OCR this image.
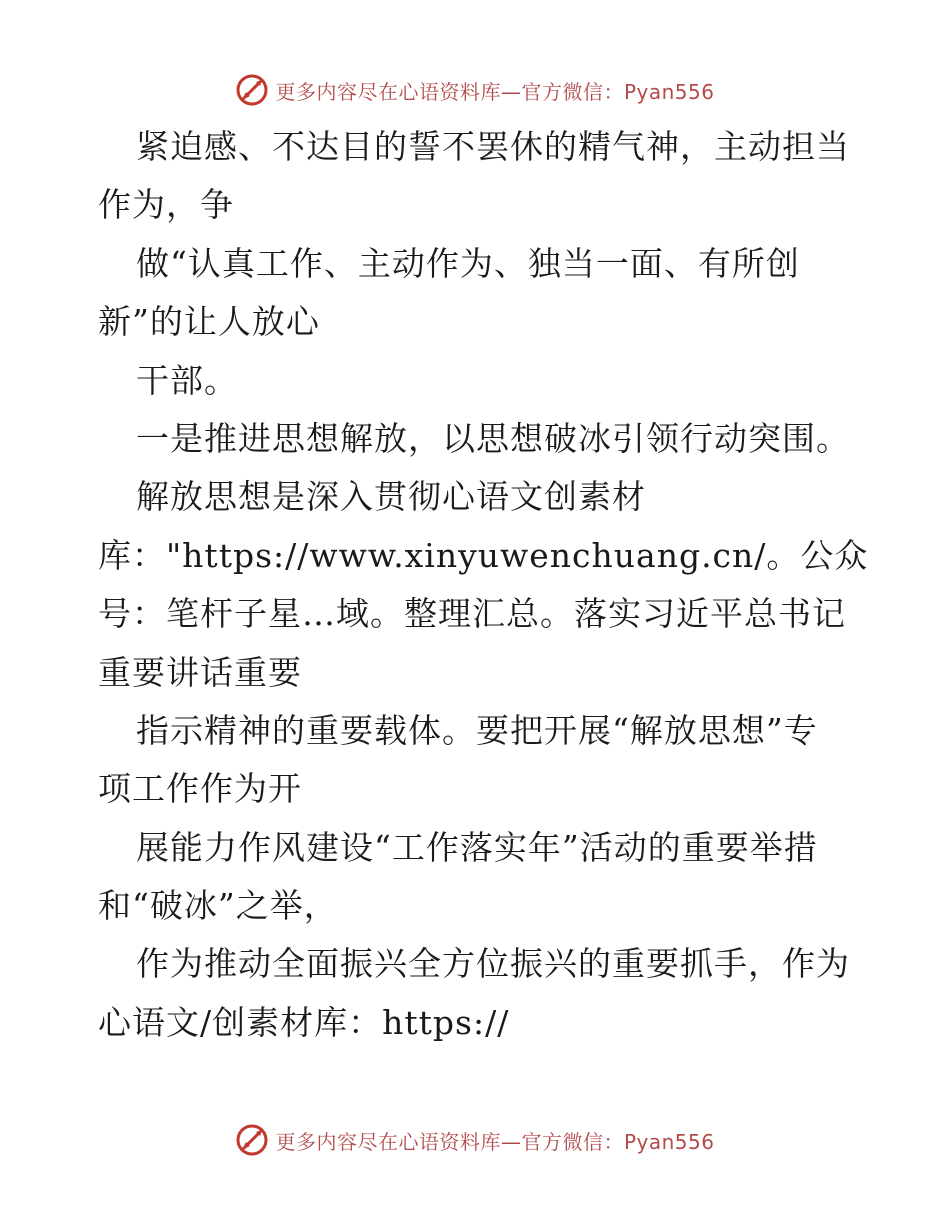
更多内容尽在心语资料库—官方微信：Pyan556
紧迫感、不达目的誓不罢休的精气神，主动担当
作为，争
做“认真工作、主动作为、独当一面、有所创
新”的让人放心
干部。
一是推进思想解放，以思想破冰引领行动突围。
解放思想是深入贯彻心语文创素材
库："https://www.xinyuwenchuang.cn/。公众
号：笔杆子星…域。整理汇总。落实习近平总书记
重要讲话重要
指示精神的重要载体。要把开展“解放思想”专
项工作作为开
展能力作风建设“工作落实年”活动的重要举措
和“破冰”之举，
作为推动全面振兴全方位振兴的重要抓手，作为
心语文/创素材库：https://
更多内容尽在心语资料库—官方微信：Pyan556
